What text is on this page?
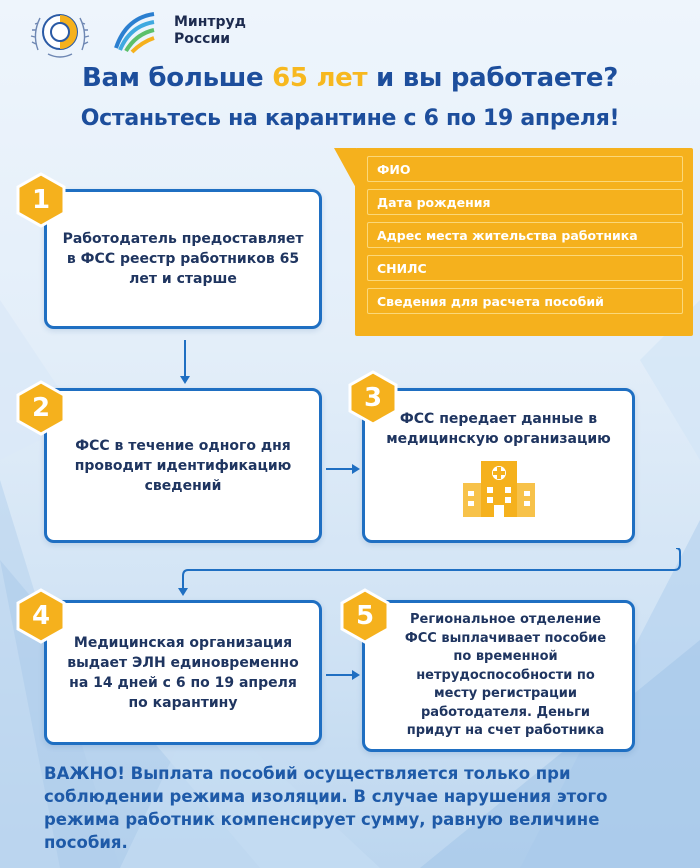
Минтруд
России
Вам больше 65 лет и вы работаете?
Останьтесь на карантине с 6 по 19 апреля!
ФИО
Дата рождения
Адрес места жительства работника
СНИЛС
Сведения для расчета пособий
Работодатель предоставляет в ФСС реестр работников 65 лет и старше
1
ФСС в течение одного дня проводит идентификацию сведений
2	ФСС передает данные в медицинскую организацию
3
Медицинская организация выдает ЭЛН единовременно на 14 дней с 6 по 19 апреля по карантину
4	Региональное отделение ФСС выплачивает пособие по временной нетрудоспособности по месту регистрации работодателя. Деньги придут на счет работника
5
ВАЖНО! Выплата пособий осуществляется только при соблюдении режима изоляции. В случае нарушения этого режима работник компенсирует сумму, равную величине пособия.
